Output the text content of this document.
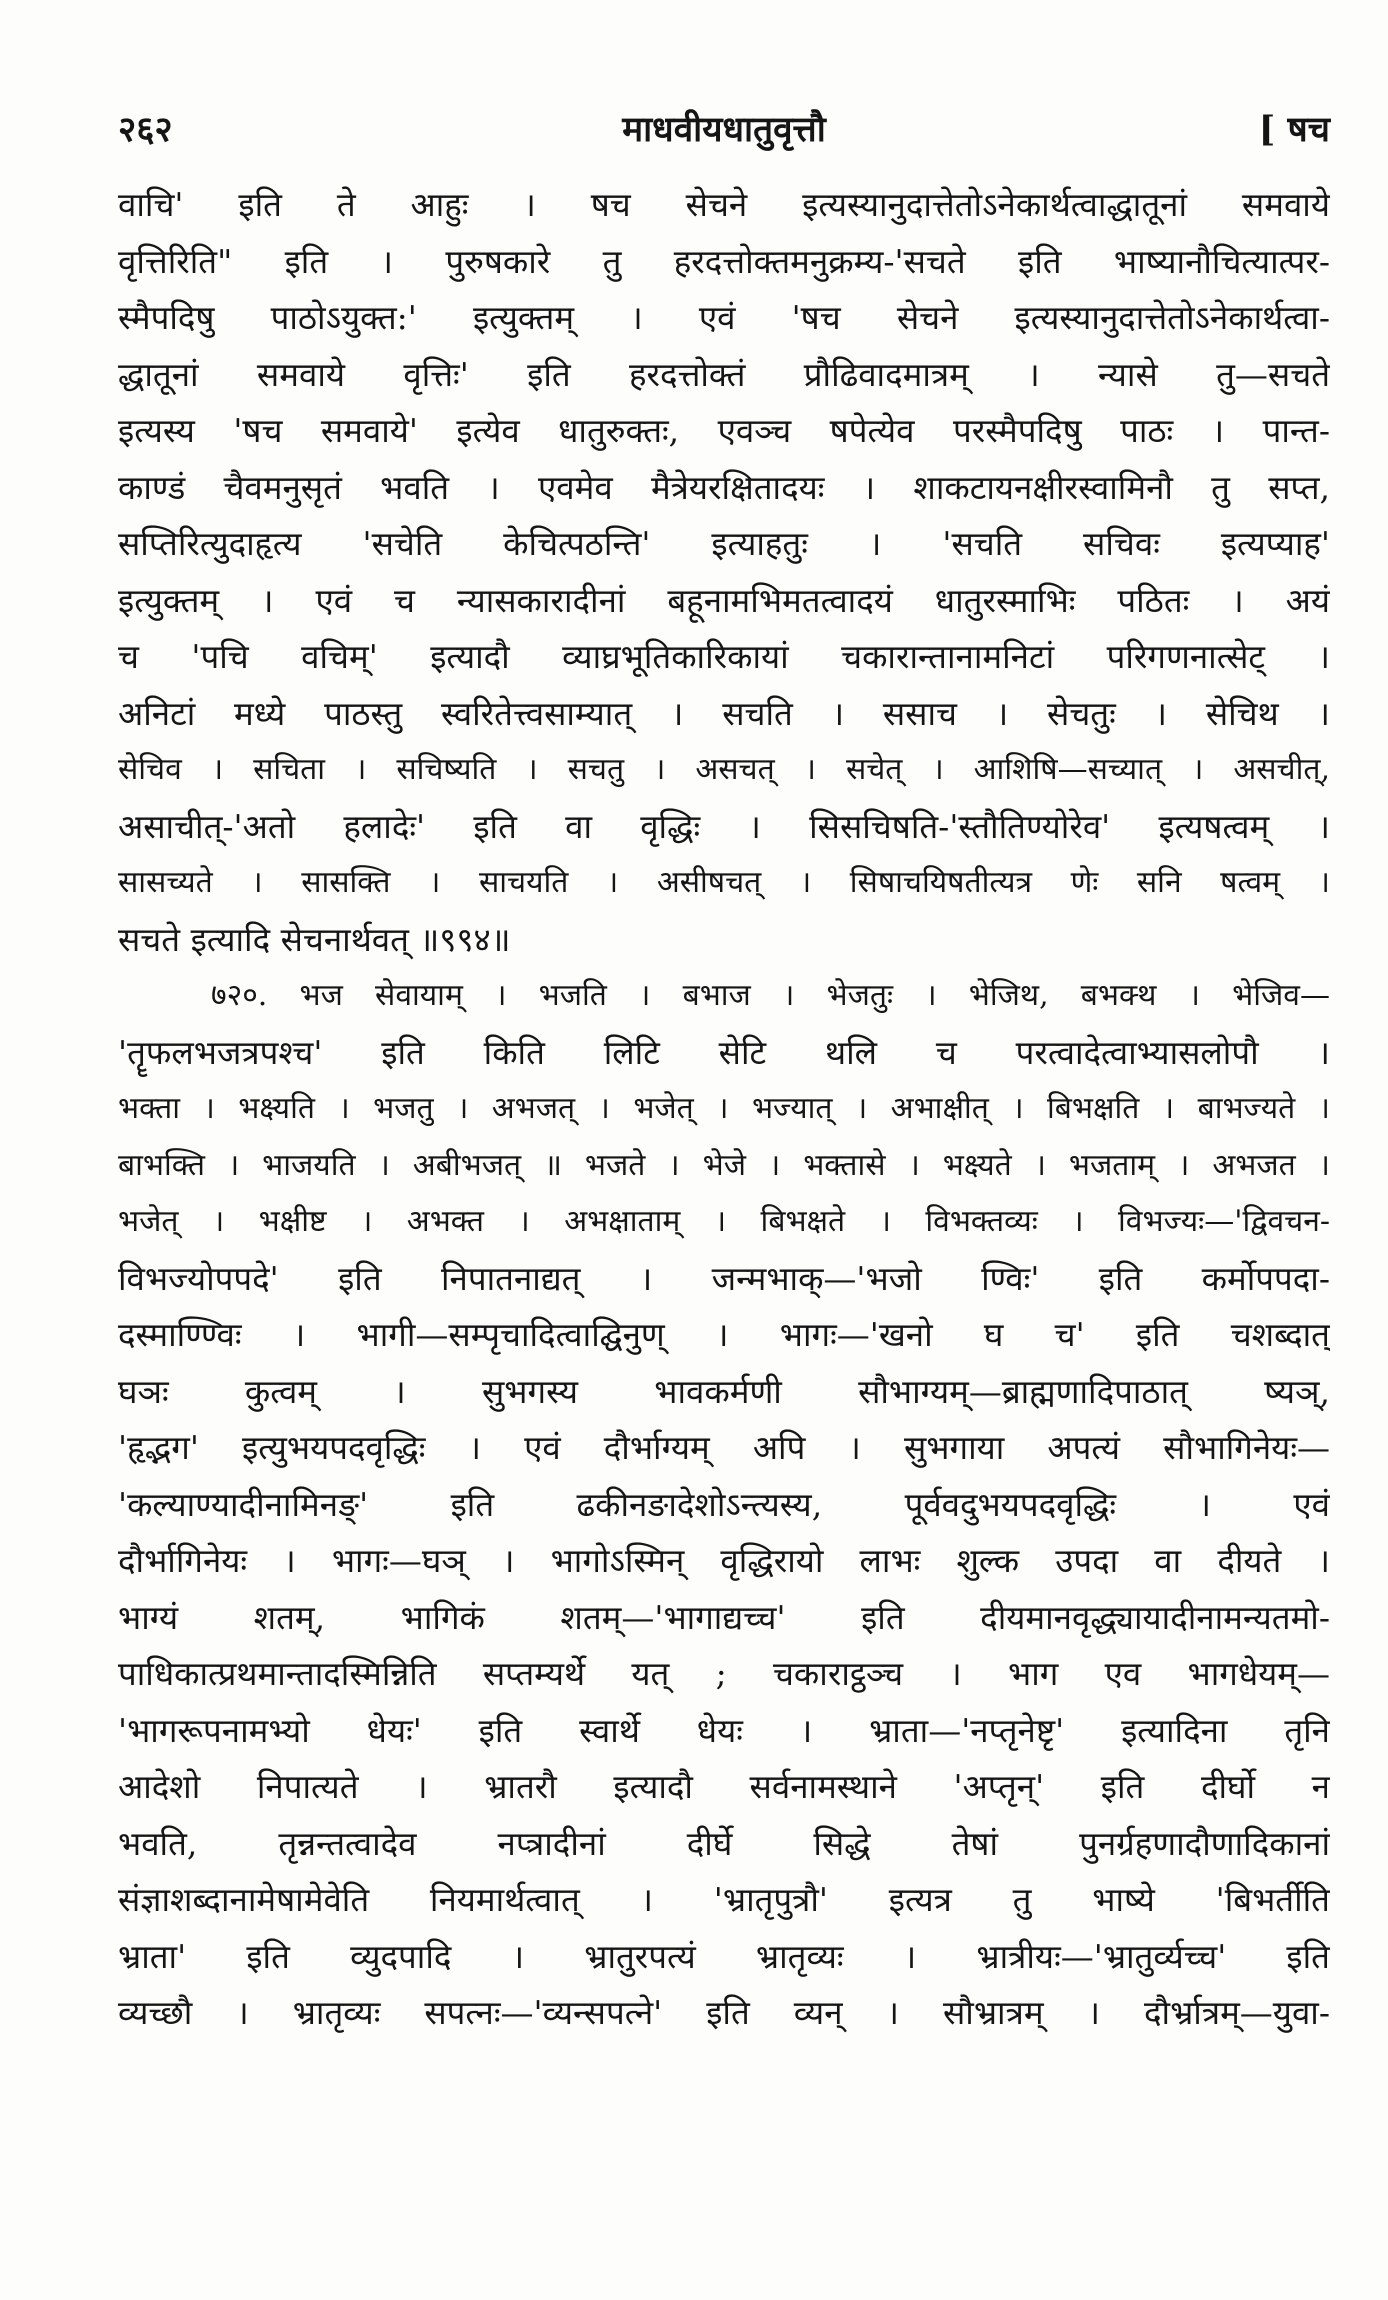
२६२	माधवीयधातुवृत्तौ	[ षच
वाचि' इति ते आहुः । षच सेचने इत्यस्यानुदात्तेतोऽनेकार्थत्वाद्धातूनां समवाये
वृत्तिरिति" इति । पुरुषकारे तु हरदत्तोक्तमनुक्रम्य-'सचते इति भाष्यानौचित्यात्पर-
स्मैपदिषु पाठोऽयुक्त:' इत्युक्तम् । एवं 'षच सेचने इत्यस्यानुदात्तेतोऽनेकार्थत्वा-
द्धातूनां समवाये वृत्तिः' इति हरदत्तोक्तं प्रौढिवादमात्रम् । न्यासे तु—सचते
इत्यस्य 'षच समवाये' इत्येव धातुरुक्तः, एवञ्च षपेत्येव परस्मैपदिषु पाठः । पान्त-
काण्डं चैवमनुसृतं भवति । एवमेव मैत्रेयरक्षितादयः । शाकटायनक्षीरस्वामिनौ तु सप्त,
सप्तिरित्युदाहृत्य 'सचेति केचित्पठन्ति' इत्याहतुः । 'सचति सचिवः इत्यप्याह'
इत्युक्तम् । एवं च न्यासकारादीनां बहूनामभिमतत्वादयं धातुरस्माभिः पठितः । अयं
च 'पचि वचिम्' इत्यादौ व्याघ्रभूतिकारिकायां चकारान्तानामनिटां परिगणनात्सेट् ।
अनिटां मध्ये पाठस्तु स्वरितेत्त्वसाम्यात् । सचति । ससाच । सेचतुः । सेचिथ ।
सेचिव । सचिता । सचिष्यति । सचतु । असचत् । सचेत् । आशिषि—सच्यात् । असचीत्,
असाचीत्-'अतो हलादेः' इति वा वृद्धिः । सिसचिषति-'स्तौतिण्योरेव' इत्यषत्वम् ।
सासच्यते । सासक्ति । साचयति । असीषचत् । सिषाचयिषतीत्यत्र णेः सनि षत्वम् ।
सचते इत्यादि सेचनार्थवत् ॥९९४॥
७२०. भज सेवायाम् । भजति । बभाज । भेजतुः । भेजिथ, बभक्थ । भेजिव—
'तॄफलभजत्रपश्च' इति किति लिटि सेटि थलि च परत्वादेत्वाभ्यासलोपौ ।
भक्ता । भक्ष्यति । भजतु । अभजत् । भजेत् । भज्यात् । अभाक्षीत् । बिभक्षति । बाभज्यते ।
बाभक्ति । भाजयति । अबीभजत् ॥ भजते । भेजे । भक्तासे । भक्ष्यते । भजताम् । अभजत ।
भजेत् । भक्षीष्ट । अभक्त । अभक्षाताम् । बिभक्षते । विभक्तव्यः । विभज्यः—'द्विवचन-
विभज्योपपदे' इति निपातनाद्यत् । जन्मभाक्—'भजो ण्विः' इति कर्मोपपदा-
दस्माण्ण्विः । भागी—सम्पृचादित्वाद्घिनुण् । भागः—'खनो घ च' इति चशब्दात्
घञः कुत्वम् । सुभगस्य भावकर्मणी सौभाग्यम्—ब्राह्मणादिपाठात् ष्यञ्,
'हृद्भग' इत्युभयपदवृद्धिः । एवं दौर्भाग्यम् अपि । सुभगाया अपत्यं सौभागिनेयः—
'कल्याण्यादीनामिनङ्' इति ढकीनङादेशोऽन्त्यस्य, पूर्ववदुभयपदवृद्धिः । एवं
दौर्भागिनेयः । भागः—घञ् । भागोऽस्मिन् वृद्धिरायो लाभः शुल्क उपदा वा दीयते ।
भाग्यं शतम्, भागिकं शतम्—'भागाद्यच्च' इति दीयमानवृद्ध्यायादीनामन्यतमो-
पाधिकात्प्रथमान्तादस्मिन्निति सप्तम्यर्थे यत् ; चकाराट्ठञ्च । भाग एव भागधेयम्—
'भागरूपनामभ्यो धेयः' इति स्वार्थे धेयः । भ्राता—'नप्तृनेष्टृ' इत्यादिना तृनि
आदेशो निपात्यते । भ्रातरौ इत्यादौ सर्वनामस्थाने 'अप्तृन्' इति दीर्घो न
भवति, तृन्नन्तत्वादेव नप्त्रादीनां दीर्घे सिद्धे तेषां पुनर्ग्रहणादौणादिकानां
संज्ञाशब्दानामेषामेवेति नियमार्थत्वात् । 'भ्रातृपुत्रौ' इत्यत्र तु भाष्ये 'बिभर्तीति
भ्राता' इति व्युदपादि । भ्रातुरपत्यं भ्रातृव्यः । भ्रात्रीयः—'भ्रातुर्व्यच्च' इति
व्यच्छौ । भ्रातृव्यः सपत्नः—'व्यन्सपत्ने' इति व्यन् । सौभ्रात्रम् । दौर्भ्रात्रम्—युवा-
